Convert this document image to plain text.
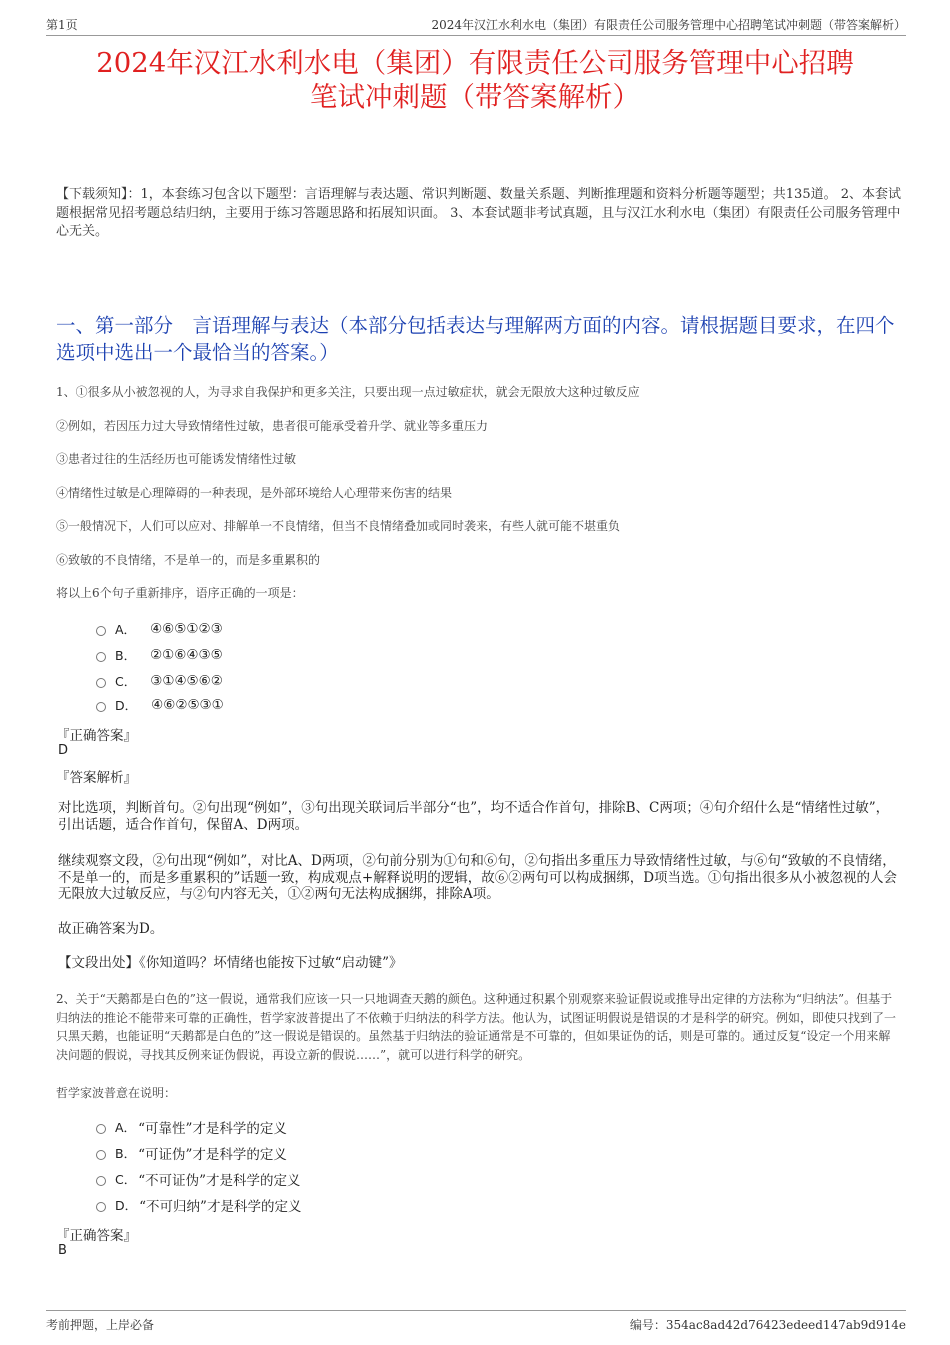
第1页	2024年汉江水利水电（集团）有限责任公司服务管理中心招聘笔试冲刺题（带答案解析）
2024年汉江水利水电（集团）有限责任公司服务管理中心招聘
笔试冲刺题（带答案解析）
【下载须知】：1，本套练习包含以下题型：言语理解与表达题、常识判断题、数量关系题、判断推理题和资料分析题等题型；共135道。 2、本套试题根据常见招考题总结归纳，主要用于练习答题思路和拓展知识面。 3、本套试题非考试真题，且与汉江水利水电（集团）有限责任公司服务管理中心无关。
一、第一部分　言语理解与表达（本部分包括表达与理解两方面的内容。请根据题目要求，在四个选项中选出一个最恰当的答案。）
1、①很多从小被忽视的人，为寻求自我保护和更多关注，只要出现一点过敏症状，就会无限放大这种过敏反应
②例如，若因压力过大导致情绪性过敏，患者很可能承受着升学、就业等多重压力
③患者过往的生活经历也可能诱发情绪性过敏
④情绪性过敏是心理障碍的一种表现，是外部环境给人心理带来伤害的结果
⑤一般情况下，人们可以应对、排解单一不良情绪，但当不良情绪叠加或同时袭来，有些人就可能不堪重负
⑥致敏的不良情绪，不是单一的，而是多重累积的
将以上6个句子重新排序，语序正确的一项是：
A． ④⑥⑤①②③
B． ②①⑥④③⑤
C． ③①④⑤⑥②
D． ④⑥②⑤③①
『正确答案』
D
『答案解析』
对比选项，判断首句。②句出现“例如”，③句出现关联词后半部分“也”，均不适合作首句，排除B、C两项；④句介绍什么是“情绪性过敏”，引出话题，适合作首句，保留A、D两项。
继续观察文段，②句出现“例如”，对比A、D两项，②句前分别为①句和⑥句，②句指出多重压力导致情绪性过敏，与⑥句“致敏的不良情绪，不是单一的，而是多重累积的”话题一致，构成观点+解释说明的逻辑，故⑥②两句可以构成捆绑，D项当选。①句指出很多从小被忽视的人会无限放大过敏反应，与②句内容无关，①②两句无法构成捆绑，排除A项。
故正确答案为D。
【文段出处】《你知道吗？坏情绪也能按下过敏“启动键”》
2、关于“天鹅都是白色的”这一假说，通常我们应该一只一只地调查天鹅的颜色。这种通过积累个别观察来验证假说或推导出定律的方法称为“归纳法”。但基于归纳法的推论不能带来可靠的正确性，哲学家波普提出了不依赖于归纳法的科学方法。他认为，试图证明假说是错误的才是科学的研究。例如，即使只找到了一只黑天鹅，也能证明“天鹅都是白色的”这一假说是错误的。虽然基于归纳法的验证通常是不可靠的，但如果证伪的话，则是可靠的。通过反复“设定一个用来解决问题的假说，寻找其反例来证伪假说，再设立新的假说……”，就可以进行科学的研究。
哲学家波普意在说明：
A． “可靠性”才是科学的定义
B． “可证伪”才是科学的定义
C． “不可证伪”才是科学的定义
D． “不可归纳”才是科学的定义
『正确答案』
B
考前押题，上岸必备	编号：354ac8ad42d76423edeed147ab9d914e
